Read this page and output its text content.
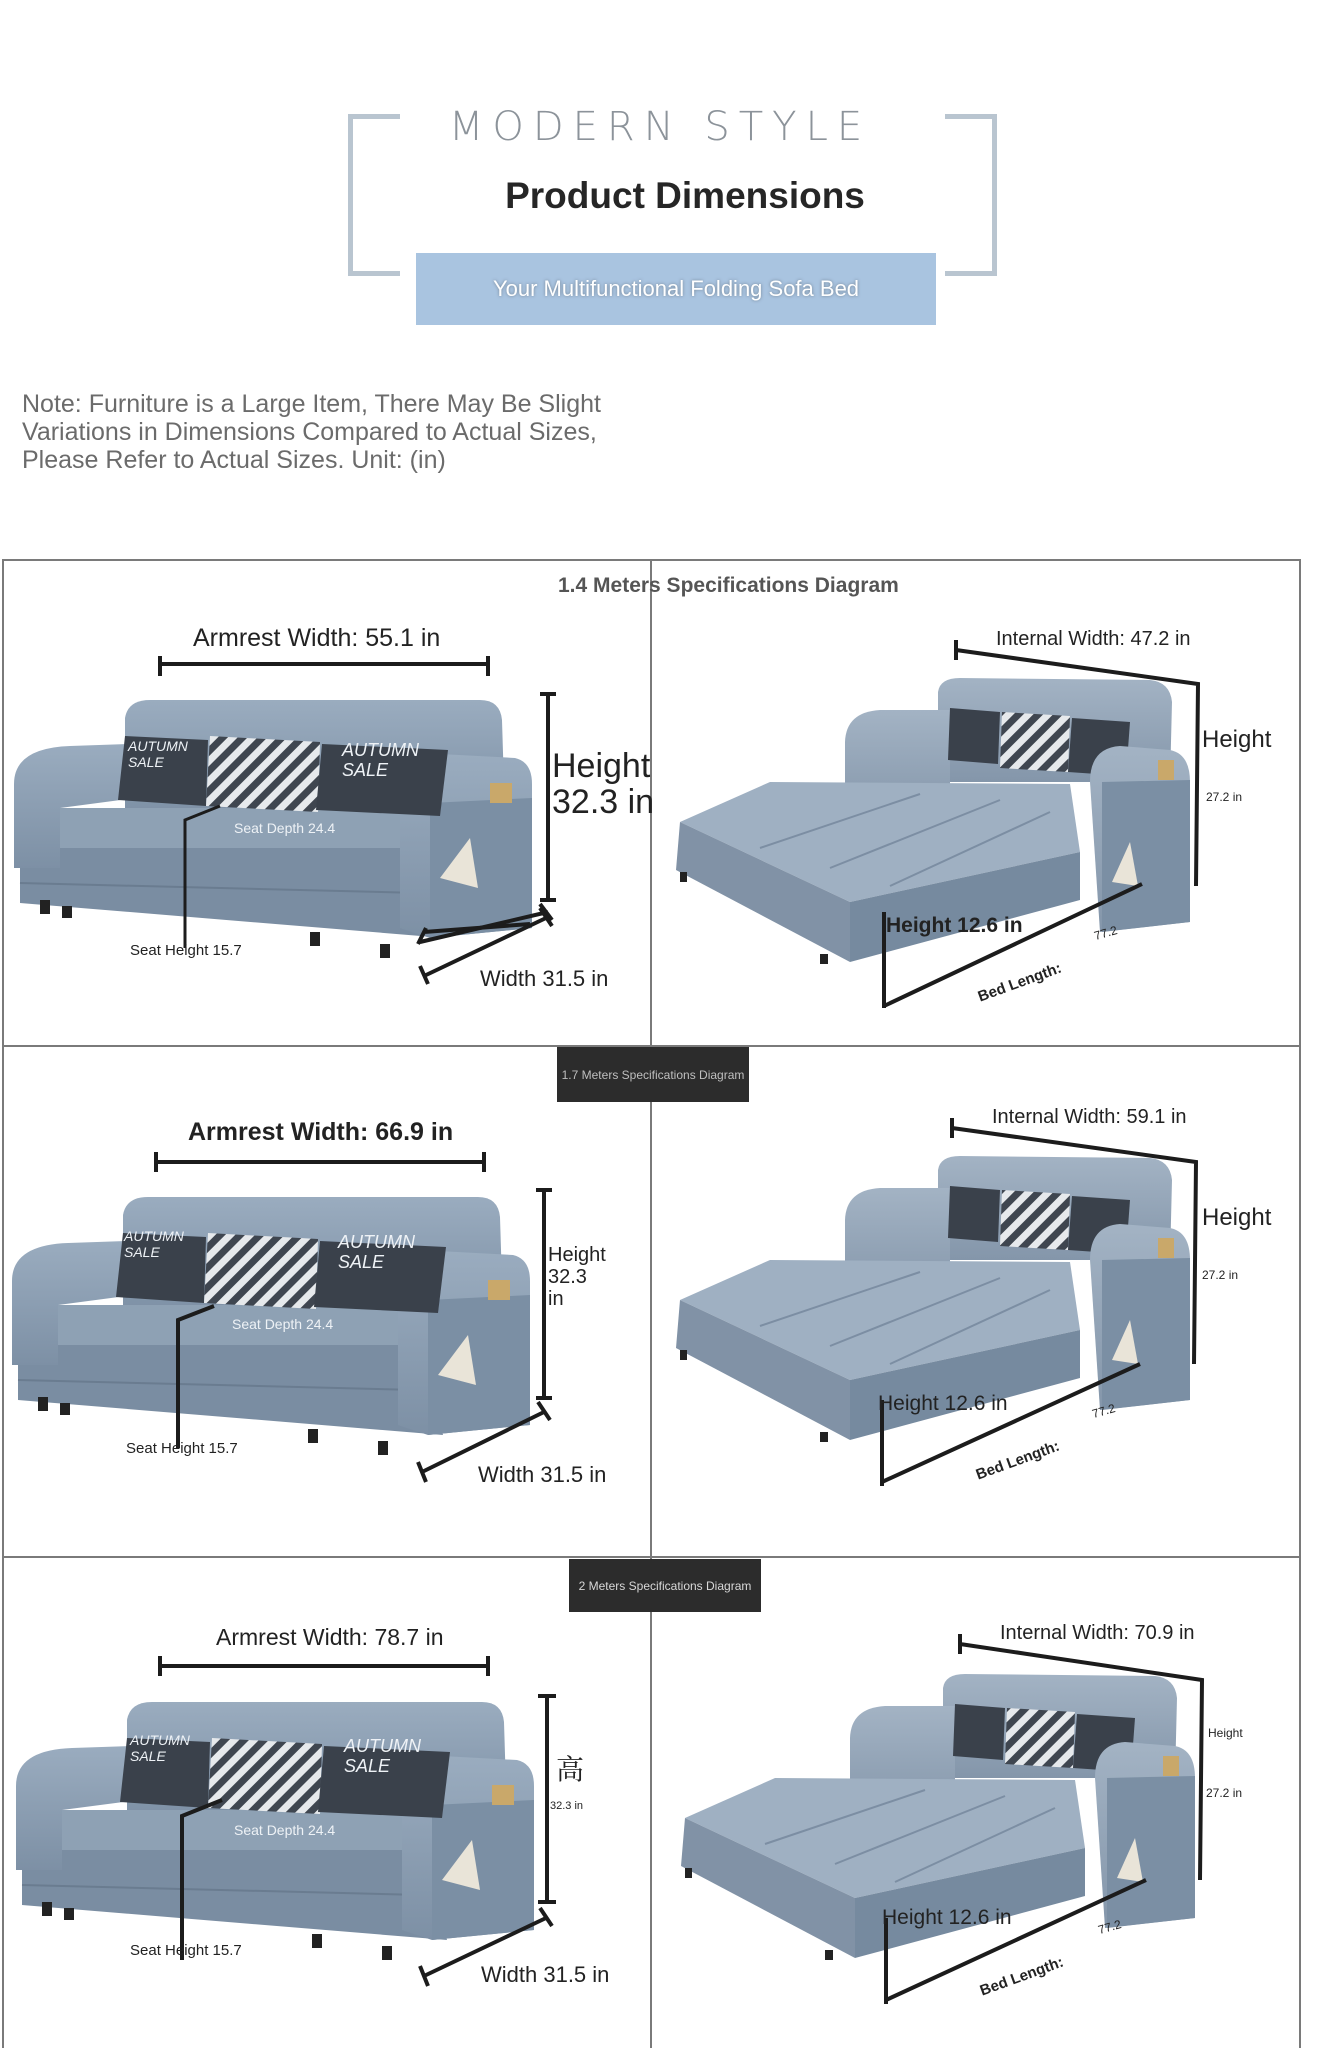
MODERN STYLE
Product Dimensions
Your Multifunctional Folding Sofa Bed
Note: Furniture is a Large Item, There May Be Slight Variations in Dimensions Compared to Actual Sizes, Please Refer to Actual Sizes. Unit: (in)
1.4 Meters Specifications Diagram
1.7 Meters Specifications Diagram
2 Meters Specifications Diagram
Armrest Width: 55.1 in
Height
32.3 in
Seat Depth 24.4
Seat Height 15.7
Width 31.5 in
Internal Width: 47.2 in
Height
27.2 in
Height 12.6 in
Bed Length:
77.2
Armrest Width: 66.9 in
Height
32.3 in
Seat Depth 24.4
Seat Height 15.7
Width 31.5 in
Internal Width: 59.1 in
Height
27.2 in
Height 12.6 in
Bed Length:
77.2
Armrest Width: 78.7 in
高
32.3 in
Seat Depth 24.4
Seat Height 15.7
Width 31.5 in
Internal Width: 70.9 in
Height
27.2 in
Height 12.6 in
Bed Length:
77.2
AUTUMN SALE
AUTUMN SALE
AUTUMN SALE	AUTUMN SALE
AUTUMN SALE	AUTUMN SALE
